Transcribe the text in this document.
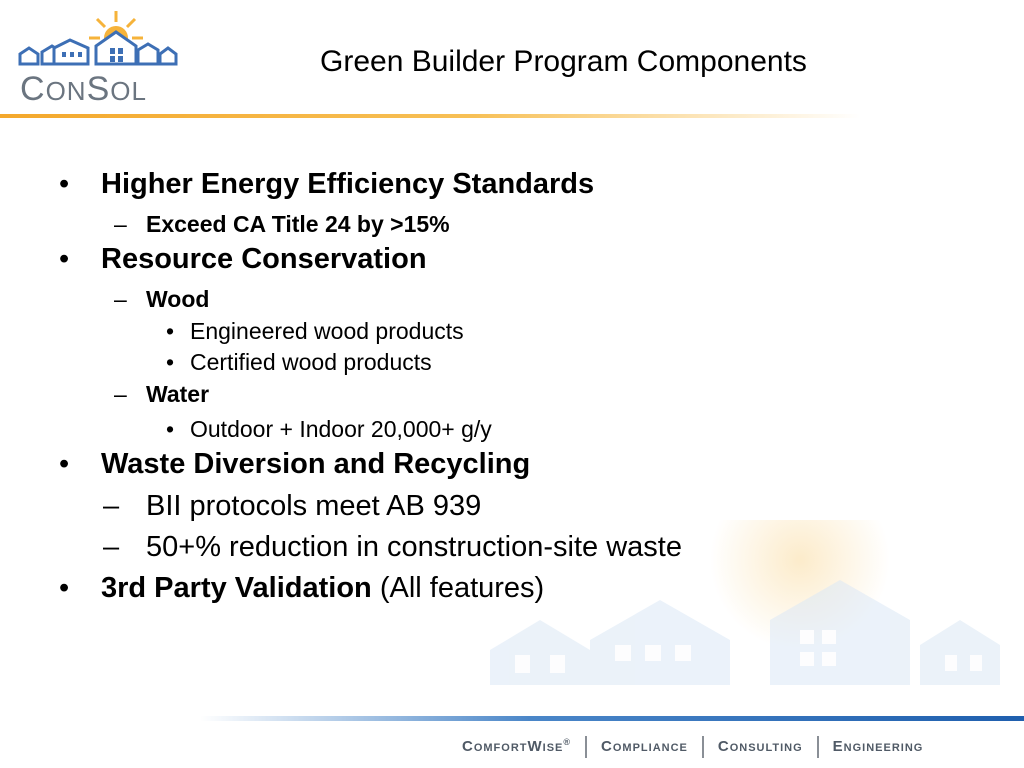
CONSOL
Green Builder Program Components
• Higher Energy Efficiency Standards
– Exceed CA Title 24 by >15%
• Resource Conservation
– Wood
• Engineered wood products
• Certified wood products
– Water
• Outdoor + Indoor 20,000+ g/y
• Waste Diversion and Recycling
– BII protocols meet AB 939
– 50+% reduction in construction-site waste
• 3rd Party Validation (All features)
ComfortWise® Compliance Consulting Engineering
